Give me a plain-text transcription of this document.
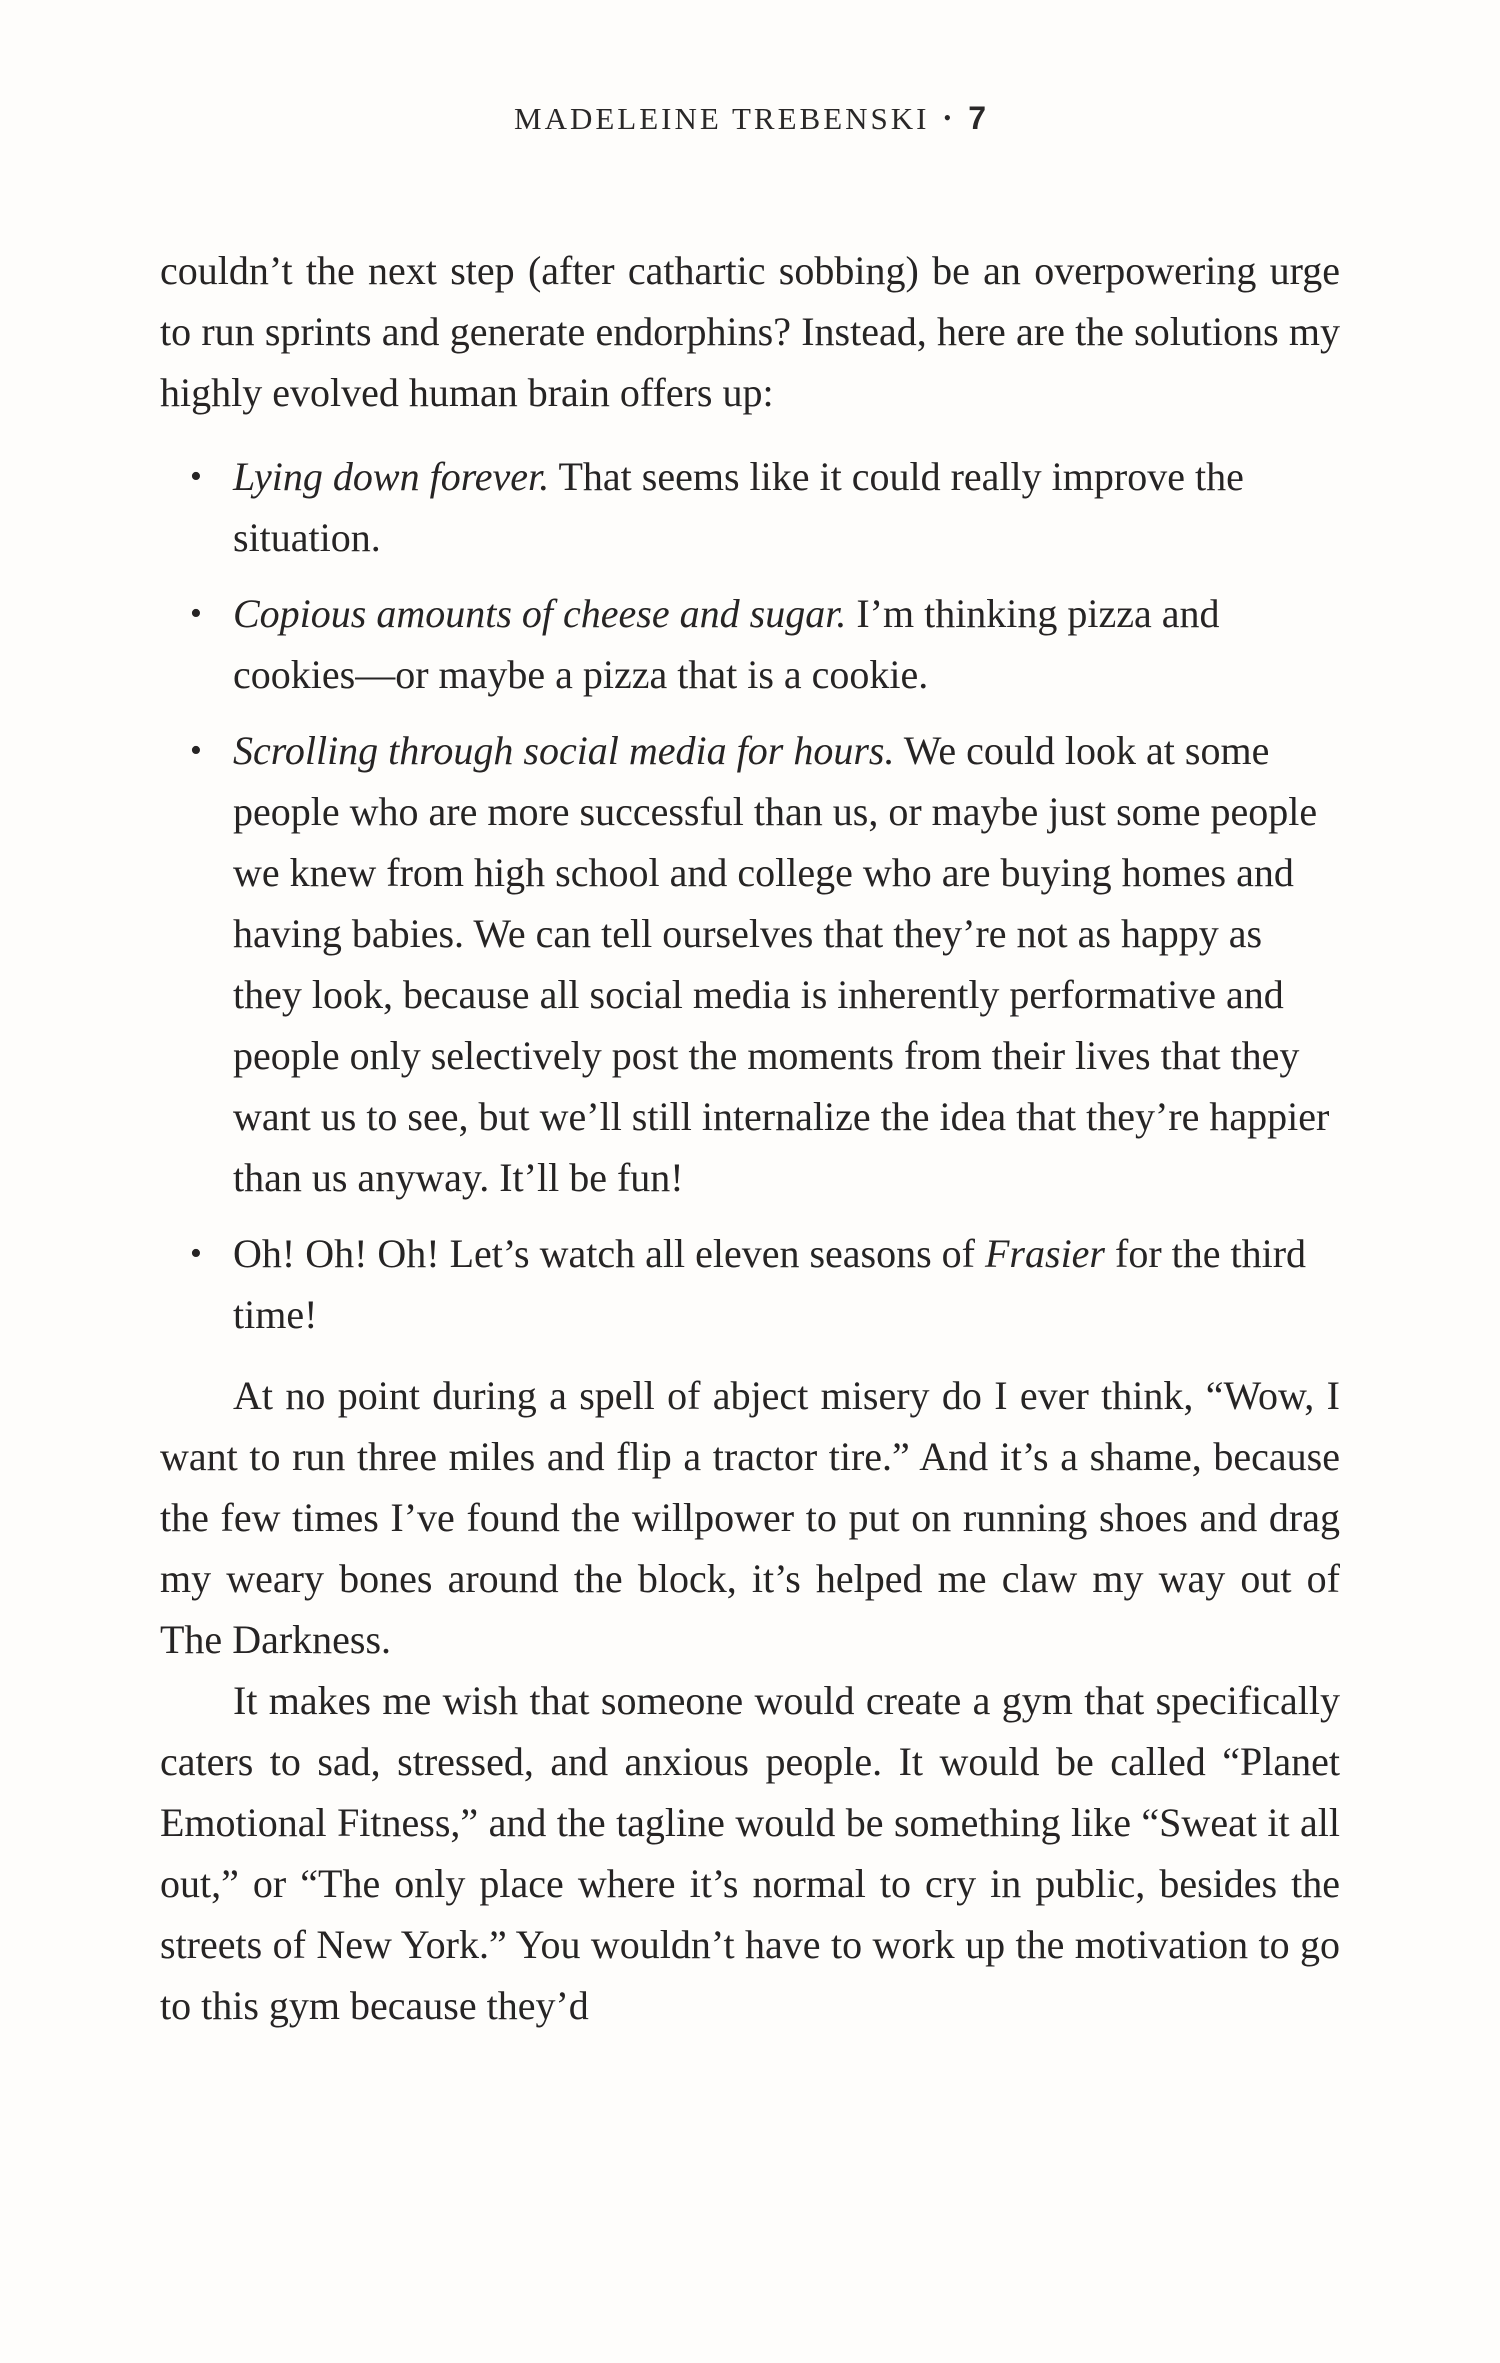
MADELEINE TREBENSKI • 7

couldn’t the next step (after cathartic sobbing) be an overpowering urge to run sprints and generate endorphins? Instead, here are the solutions my highly evolved human brain offers up:

• Lying down forever. That seems like it could really improve the situation.
• Copious amounts of cheese and sugar. I’m thinking pizza and cookies—or maybe a pizza that is a cookie.
• Scrolling through social media for hours. We could look at some people who are more successful than us, or maybe just some people we knew from high school and college who are buying homes and having babies. We can tell ourselves that they’re not as happy as they look, because all social media is inherently performative and people only selectively post the moments from their lives that they want us to see, but we’ll still internalize the idea that they’re happier than us anyway. It’ll be fun!
• Oh! Oh! Oh! Let’s watch all eleven seasons of Frasier for the third time!

At no point during a spell of abject misery do I ever think, “Wow, I want to run three miles and flip a tractor tire.” And it’s a shame, because the few times I’ve found the willpower to put on running shoes and drag my weary bones around the block, it’s helped me claw my way out of The Darkness.

It makes me wish that someone would create a gym that specifically caters to sad, stressed, and anxious people. It would be called “Planet Emotional Fitness,” and the tagline would be something like “Sweat it all out,” or “The only place where it’s normal to cry in public, besides the streets of New York.” You wouldn’t have to work up the motivation to go to this gym because they’d
